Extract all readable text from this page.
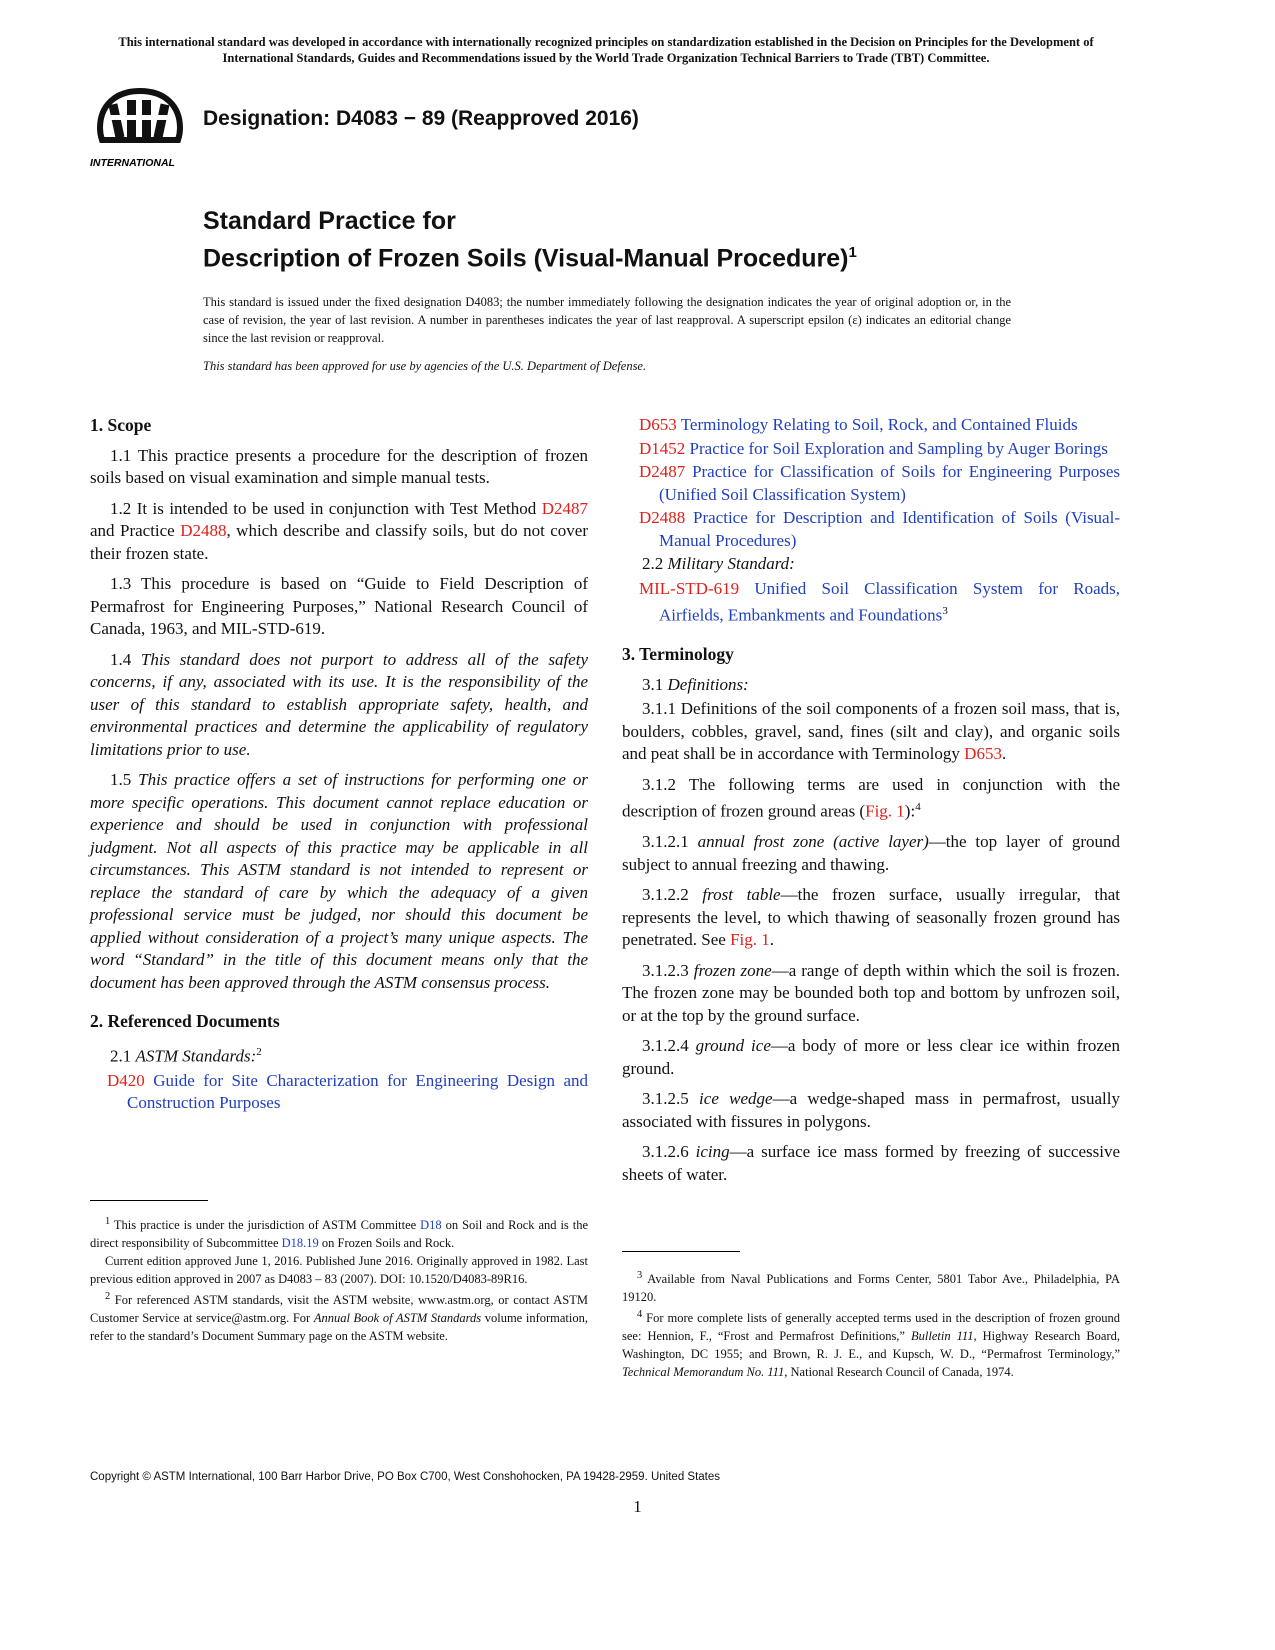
This international standard was developed in accordance with internationally recognized principles on standardization established in the Decision on Principles for the Development of International Standards, Guides and Recommendations issued by the World Trade Organization Technical Barriers to Trade (TBT) Committee.
INTERNATIONAL
Designation: D4083 − 89 (Reapproved 2016)
Standard Practice for
Description of Frozen Soils (Visual-Manual Procedure)$^1$
This standard is issued under the fixed designation D4083; the number immediately following the designation indicates the year of original adoption or, in the case of revision, the year of last revision. A number in parentheses indicates the year of last reapproval. A superscript epsilon (ε) indicates an editorial change since the last revision or reapproval.
This standard has been approved for use by agencies of the U.S. Department of Defense.
1. Scope

1.1 This practice presents a procedure for the description of frozen soils based on visual examination and simple manual tests.

1.2 It is intended to be used in conjunction with Test Method D2487 and Practice D2488, which describe and classify soils, but do not cover their frozen state.

1.3 This procedure is based on “Guide to Field Description of Permafrost for Engineering Purposes,” National Research Council of Canada, 1963, and MIL-STD-619.

1.4 This standard does not purport to address all of the safety concerns, if any, associated with its use. It is the responsibility of the user of this standard to establish appropriate safety, health, and environmental practices and determine the applicability of regulatory limitations prior to use.

1.5 This practice offers a set of instructions for performing one or more specific operations. This document cannot replace education or experience and should be used in conjunction with professional judgment. Not all aspects of this practice may be applicable in all circumstances. This ASTM standard is not intended to represent or replace the standard of care by which the adequacy of a given professional service must be judged, nor should this document be applied without consideration of a project’s many unique aspects. The word “Standard” in the title of this document means only that the document has been approved through the ASTM consensus process.

2. Referenced Documents
2.1 ASTM Standards:$^2$
D420 Guide for Site Characterization for Engineering Design and Construction Purposes

$^1$ This practice is under the jurisdiction of ASTM Committee D18 on Soil and Rock and is the direct responsibility of Subcommittee D18.19 on Frozen Soils and Rock.

Current edition approved June 1, 2016. Published June 2016. Originally approved in 1982. Last previous edition approved in 2007 as D4083 – 83 (2007). DOI: 10.1520/D4083-89R16.

$^2$ For referenced ASTM standards, visit the ASTM website, www.astm.org, or contact ASTM Customer Service at service@astm.org. For Annual Book of ASTM Standards volume information, refer to the standard’s Document Summary page on the ASTM website.

D653 Terminology Relating to Soil, Rock, and Contained Fluids
D1452 Practice for Soil Exploration and Sampling by Auger Borings
D2487 Practice for Classification of Soils for Engineering Purposes (Unified Soil Classification System)
D2488 Practice for Description and Identification of Soils (Visual-Manual Procedures)
2.2 Military Standard:
MIL-STD-619 Unified Soil Classification System for Roads, Airfields, Embankments and Foundations$^3$
3. Terminology
3.1 Definitions:

3.1.1 Definitions of the soil components of a frozen soil mass, that is, boulders, cobbles, gravel, sand, fines (silt and clay), and organic soils and peat shall be in accordance with Terminology D653.

3.1.2 The following terms are used in conjunction with the description of frozen ground areas (Fig. 1):$^4$

3.1.2.1 annual frost zone (active layer)—the top layer of ground subject to annual freezing and thawing.

3.1.2.2 frost table—the frozen surface, usually irregular, that represents the level, to which thawing of seasonally frozen ground has penetrated. See Fig. 1.

3.1.2.3 frozen zone—a range of depth within which the soil is frozen. The frozen zone may be bounded both top and bottom by unfrozen soil, or at the top by the ground surface.

3.1.2.4 ground ice—a body of more or less clear ice within frozen ground.

3.1.2.5 ice wedge—a wedge-shaped mass in permafrost, usually associated with fissures in polygons.

3.1.2.6 icing—a surface ice mass formed by freezing of successive sheets of water.

$^3$ Available from Naval Publications and Forms Center, 5801 Tabor Ave., Philadelphia, PA 19120.

$^4$ For more complete lists of generally accepted terms used in the description of frozen ground see: Hennion, F., “Frost and Permafrost Definitions,” Bulletin 111, Highway Research Board, Washington, DC 1955; and Brown, R. J. E., and Kupsch, W. D., “Permafrost Terminology,” Technical Memorandum No. 111, National Research Council of Canada, 1974.

Copyright © ASTM International, 100 Barr Harbor Drive, PO Box C700, West Conshohocken, PA 19428-2959. United States
1
